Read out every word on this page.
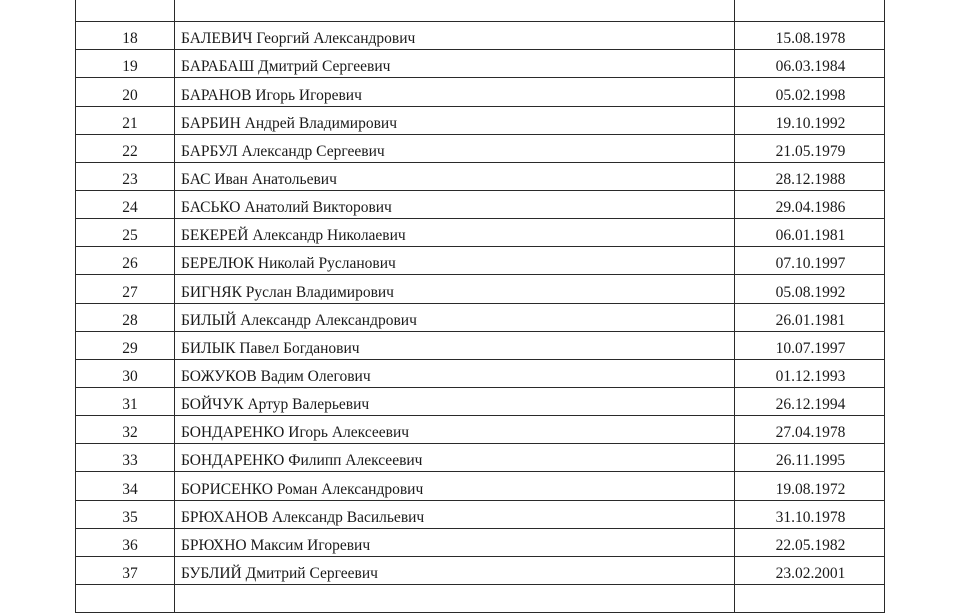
18	БАЛЕВИЧ Георгий Александрович	15.08.1978
19	БАРАБАШ Дмитрий Сергеевич	06.03.1984
20	БАРАНОВ Игорь Игоревич	05.02.1998
21	БАРБИН Андрей Владимирович	19.10.1992
22	БАРБУЛ Александр Сергеевич	21.05.1979
23	БАС Иван Анатольевич	28.12.1988
24	БАСЬКО Анатолий Викторович	29.04.1986
25	БЕКЕРЕЙ Александр Николаевич	06.01.1981
26	БЕРЕЛЮК Николай Русланович	07.10.1997
27	БИГНЯК Руслан Владимирович	05.08.1992
28	БИЛЫЙ Александр Александрович	26.01.1981
29	БИЛЫК Павел Богданович	10.07.1997
30	БОЖУКОВ Вадим Олегович	01.12.1993
31	БОЙЧУК Артур Валерьевич	26.12.1994
32	БОНДАРЕНКО Игорь Алексеевич	27.04.1978
33	БОНДАРЕНКО Филипп Алексеевич	26.11.1995
34	БОРИСЕНКО Роман Александрович	19.08.1972
35	БРЮХАНОВ Александр Васильевич	31.10.1978
36	БРЮХНО Максим Игоревич	22.05.1982
37	БУБЛИЙ Дмитрий Сергеевич	23.02.2001
